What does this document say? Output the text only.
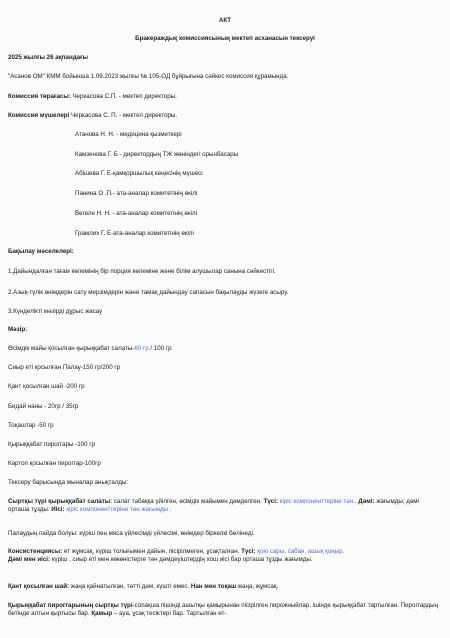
АКТ
Бракераждық комиссиясының мектеп асханасын тексеруі
2025 жылғы 26 ақпандағы
"Асанов ОМ" КММ бойынша 1.09.2023 жылғы № 105-ОД бұйрығына сәйкес комиссия құрамында:
Комиссия төрағасы: Черкасова С.П. - мектеп директоры.
Комиссия мүшелері Черкасова С. П. - мектеп директоры.
Атанова Н. Н. - медицина қызметкері
Камзенова Г. Б - директордың ТЖ жөніндегі орынбасары
Абішева Г. Е-қамқоршылық кеңесінің мүшесі
Панина О .П.- ата-аналар комитетінің өкілі
Вегеле Н. Н. - ата-аналар комитетінің өкілі
Грамлих Г. Е-ата-аналар комитетінің өкілі
Бақылау мәселелері:
1.Дайындалған тағам көлемінің бір порция көлеміне және білім алушылар санына сәйкестігі.
2.Азық-түлік өнімдерін сату мерзімдерін және тамақ дайындау сапасын бақылауды жүзеге асыру.
3.Күнделікті мәзірді дұрыс жасау
Мәзір:
Өсімдік майы қосылған қырыққабат салаты-60 гр / 100 гр
Сиыр еті қосылған Палау-150 гр/200 гр
Қант қосылған шай -200 гр
Бидай наны - 20гр / 35гр
Тоқаштар -50 гр
Қырыққабат пироггары -100 гр
Картоп қосылған пироггар-100гр
Тексеру барысында мыналар анықталды:
Сыртқы түрі қырыққабат салаты: салат табаққа үйілген, өсімдік майымен дәмделген. Түсі: кіріс компоненттеріне тән.. Дәмі: жағымды; дәмі орташа тұзды. Иісі: кіріс компоненттеріне тән жағымды .
Палаудың пайда болуы: күріш пен мяса үйлесімді үйлесімі, өнімдер біркелкі бөлінеді.
Консистенциясы: ет жұмсақ, күріш толығымен дайын, пісірілмеген, ұсақталған. Түсі: қою сары, сабан, ашық қоңыр.
Дәмі мен иісі: күріш , сиыр еті мен көкөністерге тән дәмдеуіштердің хош иісі бар орташа тұзды жағымды.
Қант қосылған шай: жаңа қайнатылған, тәтті дәм, күшті емес. Нан мен тоқаш жаңа, жұмсақ.
Қырыққабат пироггарының сыртқы түрі-сопақша пішінді ашытқы қамырынан пісірілген пирожныйлар, ішінде қырыққабат тартылған. Пироггардың бетінде алтын қыртысы бар. Қамыр – ауа, ұсақ тесіктері бар. Тартылған ет-
